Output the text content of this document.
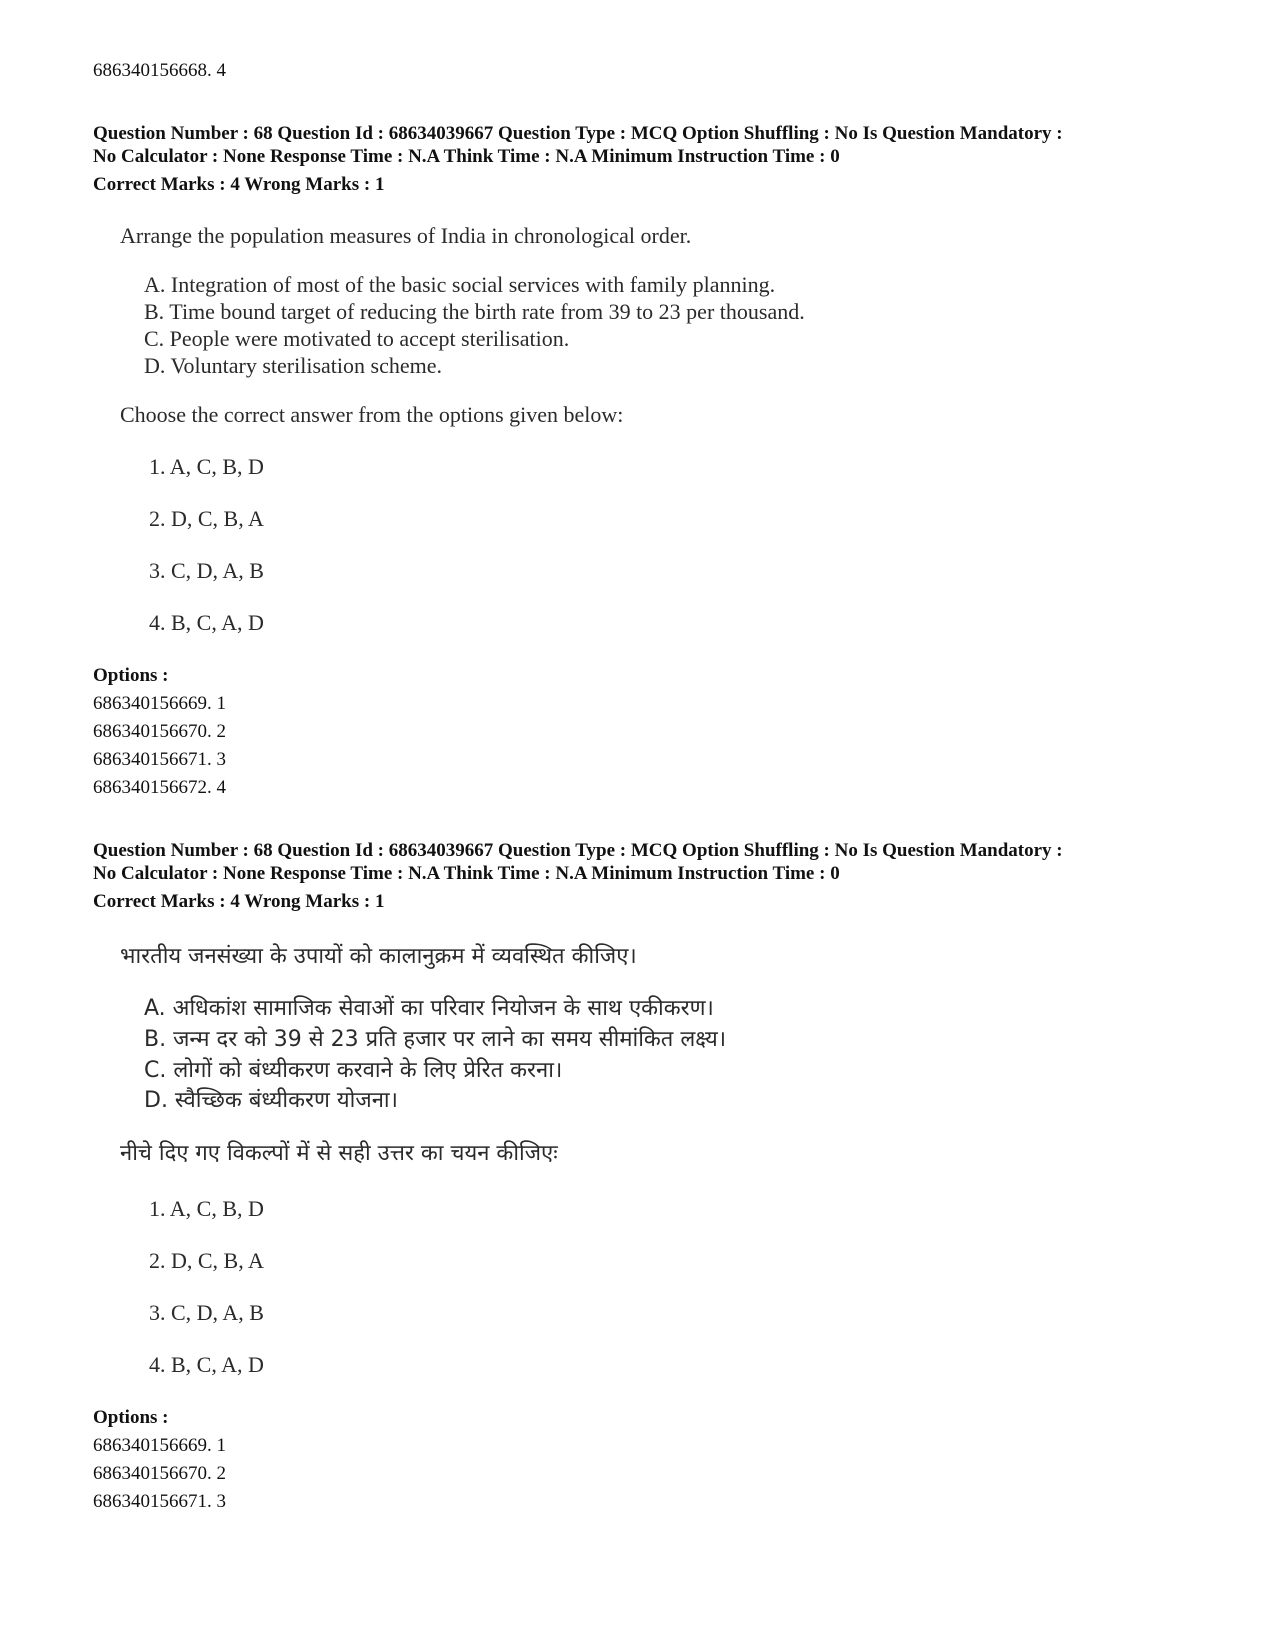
686340156668. 4
Question Number : 68 Question Id : 68634039667 Question Type : MCQ Option Shuffling : No Is Question Mandatory :
No Calculator : None Response Time : N.A Think Time : N.A Minimum Instruction Time : 0
Correct Marks : 4 Wrong Marks : 1
Arrange the population measures of India in chronological order.
A. Integration of most of the basic social services with family planning.
B. Time bound target of reducing the birth rate from 39 to 23 per thousand.
C. People were motivated to accept sterilisation.
D. Voluntary sterilisation scheme.
Choose the correct answer from the options given below:
1. A, C, B, D
2. D, C, B, A
3. C, D, A, B
4. B, C, A, D
Options :
686340156669. 1
686340156670. 2
686340156671. 3
686340156672. 4
Question Number : 68 Question Id : 68634039667 Question Type : MCQ Option Shuffling : No Is Question Mandatory :
No Calculator : None Response Time : N.A Think Time : N.A Minimum Instruction Time : 0
Correct Marks : 4 Wrong Marks : 1
भारतीय जनसंख्या के उपायों को कालानुक्रम में व्यवस्थित कीजिए।
A. अधिकांश सामाजिक सेवाओं का परिवार नियोजन के साथ एकीकरण।
B. जन्म दर को 39 से 23 प्रति हजार पर लाने का समय सीमांकित लक्ष्य।
C. लोगों को बंध्यीकरण करवाने के लिए प्रेरित करना।
D. स्वैच्छिक बंध्यीकरण योजना।
नीचे दिए गए विकल्पों में से सही उत्तर का चयन कीजिएः
1. A, C, B, D
2. D, C, B, A
3. C, D, A, B
4. B, C, A, D
Options :
686340156669. 1
686340156670. 2
686340156671. 3
